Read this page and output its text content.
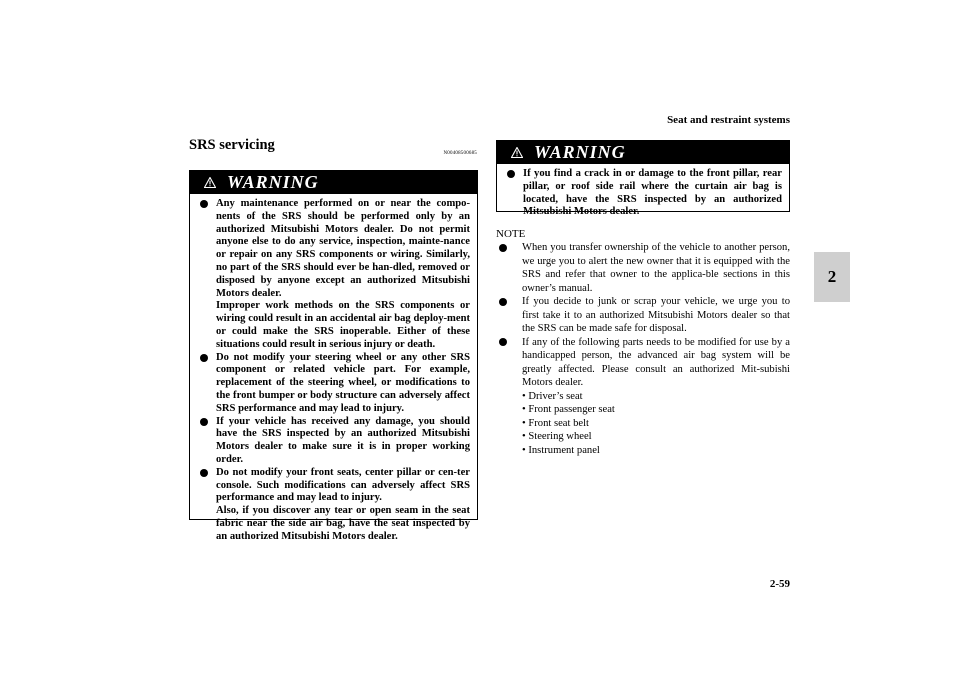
Seat and restraint systems
2
SRS servicing
N00408500685
WARNING
Any maintenance performed on or near the compo-nents of the SRS should be performed only by an authorized Mitsubishi Motors dealer. Do not permit anyone else to do any service, inspection, mainte-nance or repair on any SRS components or wiring. Similarly, no part of the SRS should ever be han-dled, removed or disposed by anyone except an authorized Mitsubishi Motors dealer.
Improper work methods on the SRS components or wiring could result in an accidental air bag deploy-ment or could make the SRS inoperable. Either of these situations could result in serious injury or death.
Do not modify your steering wheel or any other SRS component or related vehicle part. For example, replacement of the steering wheel, or modifications to the front bumper or body structure can adversely affect SRS performance and may lead to injury.
If your vehicle has received any damage, you should have the SRS inspected by an authorized Mitsubishi Motors dealer to make sure it is in proper working order.
Do not modify your front seats, center pillar or cen-ter console. Such modifications can adversely affect SRS performance and may lead to injury.
Also, if you discover any tear or open seam in the seat fabric near the side air bag, have the seat inspected by an authorized Mitsubishi Motors dealer.
WARNING
If you find a crack in or damage to the front pillar, rear pillar, or roof side rail where the curtain air bag is located, have the SRS inspected by an authorized Mitsubishi Motors dealer.
NOTE
When you transfer ownership of the vehicle to another person, we urge you to alert the new owner that it is equipped with the SRS and refer that owner to the applica-ble sections in this owner’s manual.
If you decide to junk or scrap your vehicle, we urge you to first take it to an authorized Mitsubishi Motors dealer so that the SRS can be made safe for disposal.
If any of the following parts needs to be modified for use by a handicapped person, the advanced air bag system will be greatly affected. Please consult an authorized Mit-subishi Motors dealer.
• Driver’s seat
• Front passenger seat
• Front seat belt
• Steering wheel
• Instrument panel
2-59
